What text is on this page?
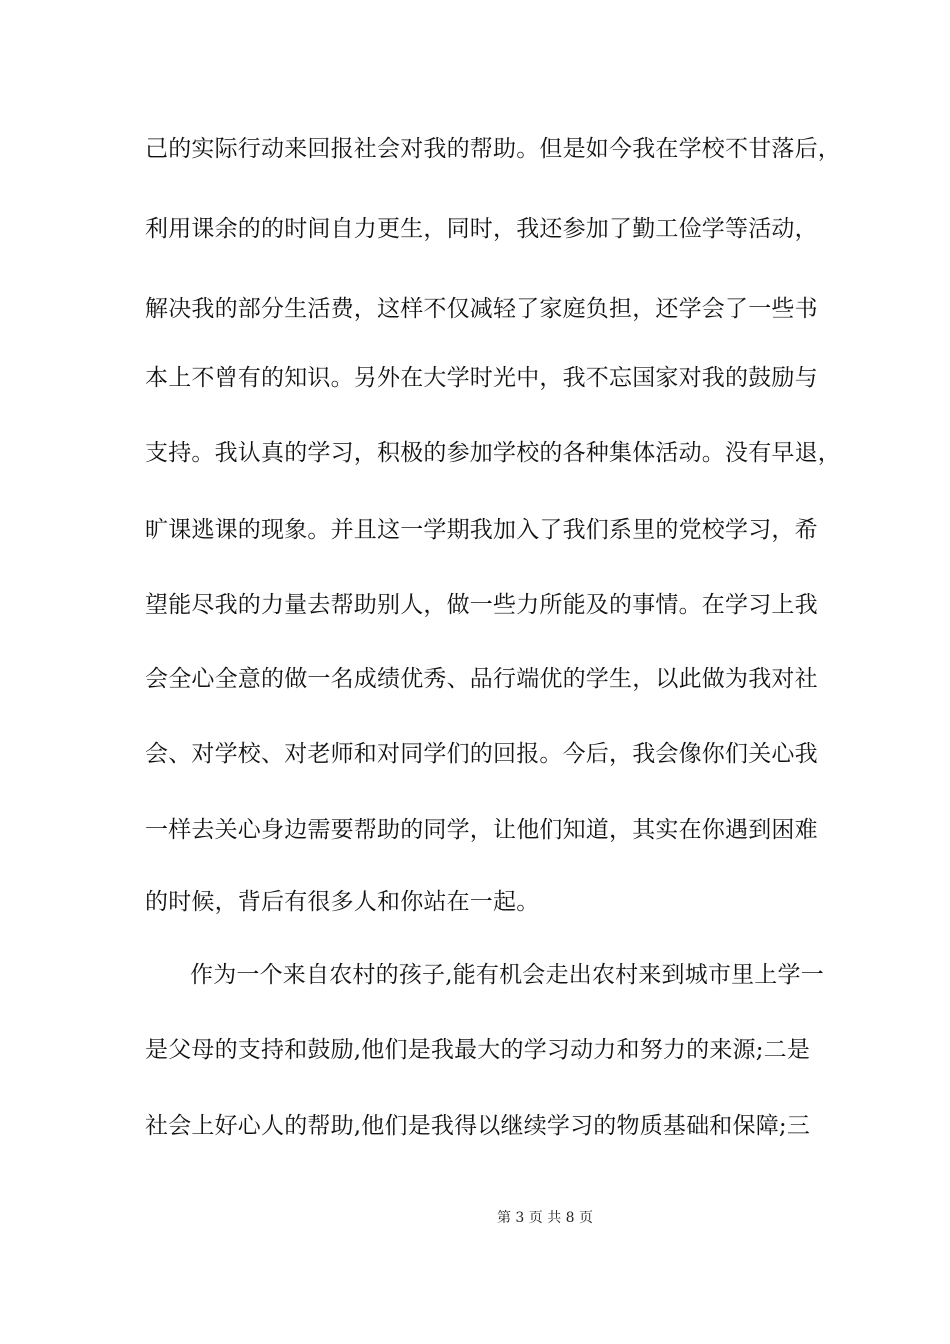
己的实际行动来回报社会对我的帮助。但是如今我在学校不甘落后，
利用课余的的时间自力更生，同时，我还参加了勤工俭学等活动，
解决我的部分生活费，这样不仅减轻了家庭负担，还学会了一些书
本上不曾有的知识。另外在大学时光中，我不忘国家对我的鼓励与
支持。我认真的学习，积极的参加学校的各种集体活动。没有早退，
旷课逃课的现象。并且这一学期我加入了我们系里的党校学习，希
望能尽我的力量去帮助别人，做一些力所能及的事情。在学习上我
会全心全意的做一名成绩优秀、品行端优的学生，以此做为我对社
会、对学校、对老师和对同学们的回报。今后，我会像你们关心我
一样去关心身边需要帮助的同学，让他们知道，其实在你遇到困难
的时候，背后有很多人和你站在一起。
作为一个来自农村的孩子,能有机会走出农村来到城市里上学一
是父母的支持和鼓励,他们是我最大的学习动力和努力的来源;二是
社会上好心人的帮助,他们是我得以继续学习的物质基础和保障;三
第 3 页 共 8 页
